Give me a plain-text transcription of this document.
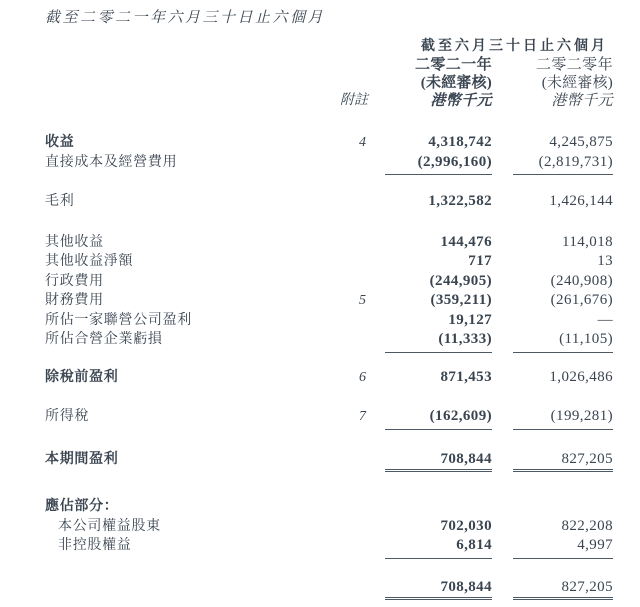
截至二零二一年六月三十日止六個月
截至六月三十日止六個月
二零二一年	二零二零年
(未經審核)	(未經審核)
附註	港幣千元	港幣千元
收益	4	4,318,742	4,245,875
直接成本及經營費用	(2,996,160)	(2,819,731)
毛利	1,322,582	1,426,144
其他收益	144,476	114,018
其他收益淨額	717	13
行政費用	(244,905)	(240,908)
財務費用	5	(359,211)	(261,676)
所佔一家聯營公司盈利	19,127	—
所佔合營企業虧損	(11,333)	(11,105)
除稅前盈利	6	871,453	1,026,486
所得稅	7	(162,609)	(199,281)
本期間盈利	708,844	827,205
應佔部分：
本公司權益股東	702,030	822,208
非控股權益	6,814	4,997
708,844	827,205
